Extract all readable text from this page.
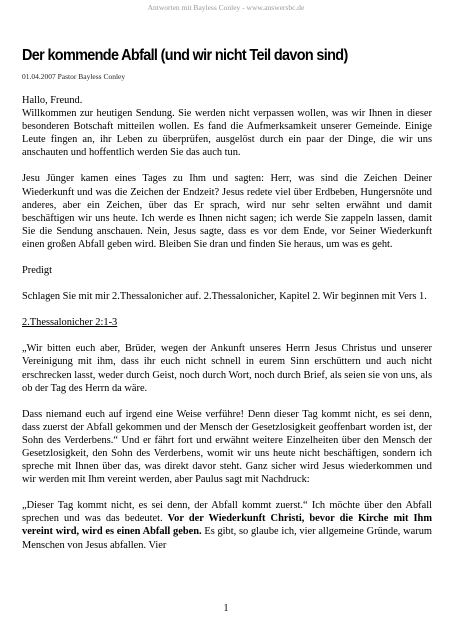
Antworten mit Bayless Conley - www.answersbc.de
Der kommende Abfall (und wir nicht Teil davon sind)
01.04.2007 Pastor Bayless Conley

Hallo, Freund.
Willkommen zur heutigen Sendung. Sie werden nicht verpassen wollen, was wir Ihnen in dieser besonderen Botschaft mitteilen wollen. Es fand die Aufmerksamkeit unserer Gemeinde. Einige Leute fingen an, ihr Leben zu überprüfen, ausgelöst durch ein paar der Dinge, die wir uns anschauten und hoffentlich werden Sie das auch tun.

Jesu Jünger kamen eines Tages zu Ihm und sagten: Herr, was sind die Zeichen Deiner Wiederkunft und was die Zeichen der Endzeit? Jesus redete viel über Erdbeben, Hungersnöte und anderes, aber ein Zeichen, über das Er sprach, wird nur sehr selten erwähnt und damit beschäftigen wir uns heute. Ich werde es Ihnen nicht sagen; ich werde Sie zappeln lassen, damit Sie die Sendung anschauen. Nein, Jesus sagte, dass es vor dem Ende, vor Seiner Wiederkunft einen großen Abfall geben wird. Bleiben Sie dran und finden Sie heraus, um was es geht.

Predigt

Schlagen Sie mit mir 2.Thessalonicher auf. 2.Thessalonicher, Kapitel 2. Wir beginnen mit Vers 1.

2.Thessalonicher 2:1-3

„Wir bitten euch aber, Brüder, wegen der Ankunft unseres Herrn Jesus Christus und unserer Vereinigung mit ihm, dass ihr euch nicht schnell in eurem Sinn erschüttern und auch nicht erschrecken lasst, weder durch Geist, noch durch Wort, noch durch Brief, als seien sie von uns, als ob der Tag des Herrn da wäre.

Dass niemand euch auf irgend eine Weise verführe! Denn dieser Tag kommt nicht, es sei denn, dass zuerst der Abfall gekommen und der Mensch der Gesetzlosigkeit geoffenbart worden ist, der Sohn des Verderbens.“ Und er fährt fort und erwähnt weitere Einzelheiten über den Mensch der Gesetzlosigkeit, den Sohn des Verderbens, womit wir uns heute nicht beschäftigen, sondern ich spreche mit Ihnen über das, was direkt davor steht. Ganz sicher wird Jesus wiederkommen und wir werden mit Ihm vereint werden, aber Paulus sagt mit Nachdruck:

„Dieser Tag kommt nicht, es sei denn, der Abfall kommt zuerst.“ Ich möchte über den Abfall sprechen und was das bedeutet. Vor der Wiederkunft Christi, bevor die Kirche mit Ihm vereint wird, wird es einen Abfall geben. Es gibt, so glaube ich, vier allgemeine Gründe, warum Menschen von Jesus abfallen. Vier

1
